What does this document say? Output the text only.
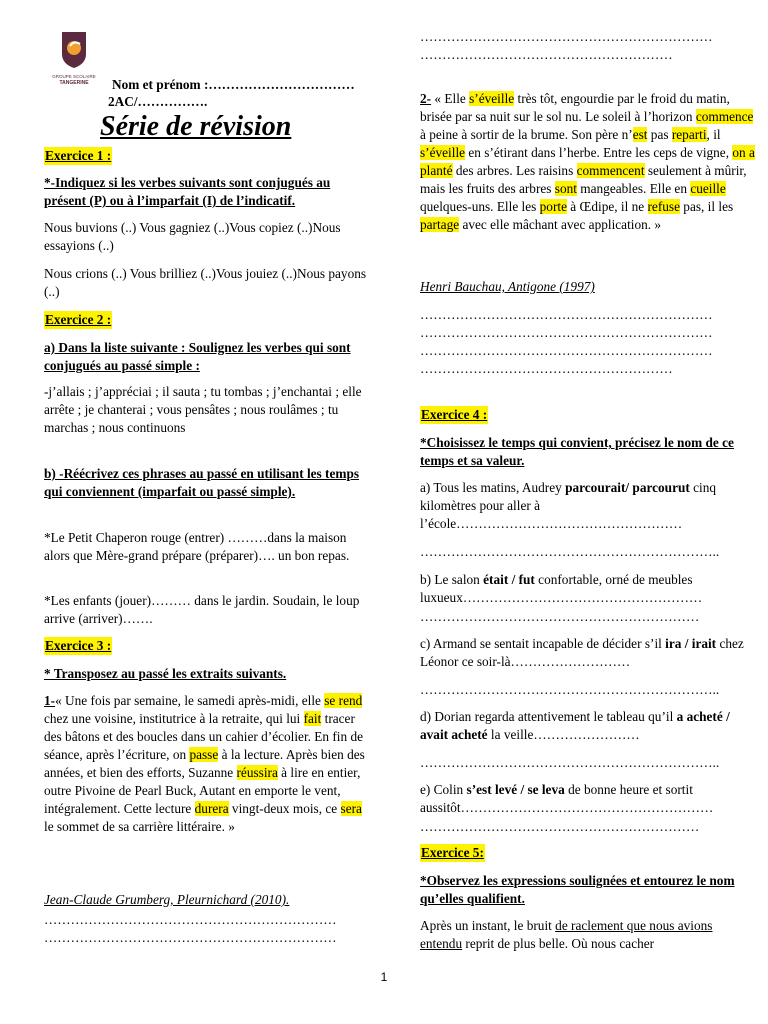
GROUPE SCOLAIRE
TANGERINE Nom et prénom :……………………………
2AC/…………….
Série de révision
Exercice 1 :
*-Indiquez si les verbes suivants sont conjugués au présent (P) ou à l’imparfait (I) de l’indicatif.
Nous buvions (..) Vous gagniez (..)Vous copiez (..)Nous essayions (..)
Nous crions (..) Vous brilliez (..)Vous jouiez (..)Nous payons (..)
Exercice 2 :
a) Dans la liste suivante : Soulignez les verbes qui sont conjugués au passé simple :
-j’allais ; j’appréciai ; il sauta ; tu tombas ; j’enchantai ; elle arrête ; je chanterai ; vous pensâtes ; nous roulâmes ; tu marchas ; nous continuons
b) -Réécrivez ces phrases au passé en utilisant les temps qui conviennent (imparfait ou passé simple).
*Le Petit Chaperon rouge (entrer) ………dans la maison alors que Mère-grand prépare (préparer)…. un bon repas.
*Les enfants (jouer)……… dans le jardin. Soudain, le loup arrive (arriver)…….
Exercice 3 :
* Transposez au passé les extraits suivants.
1-« Une fois par semaine, le samedi après-midi, elle se rend chez une voisine, institutrice à la retraite, qui lui fait tracer des bâtons et des boucles dans un cahier d’écolier. En fin de séance, après l’écriture, on passe à la lecture. Après bien des années, et bien des efforts, Suzanne réussira à lire en entier, outre Pivoine de Pearl Buck, Autant en emporte le vent, intégralement. Cette lecture durera vingt-deux mois, ce sera le sommet de sa carrière littéraire. »
Jean-Claude Grumberg, Pleurnichard (2010).
…………………………………………………………
…………………………………………………………
…………………………………………………………
…………………………………………………
2- « Elle s’éveille très tôt, engourdie par le froid du matin, brisée par sa nuit sur le sol nu. Le soleil à l’horizon commence à peine à sortir de la brume. Son père n’est pas reparti, il s’éveille en s’étirant dans l’herbe. Entre les ceps de vigne, on a planté des arbres. Les raisins commencent seulement à mûrir, mais les fruits des arbres sont mangeables. Elle en cueille quelques-uns. Elle les porte à Œdipe, il ne refuse pas, il les partage avec elle mâchant avec application. »
Henri Bauchau, Antigone (1997)
…………………………………………………………
…………………………………………………………
…………………………………………………………
…………………………………………………
Exercice 4 :
*Choisissez le temps qui convient, précisez le nom de ce temps et sa valeur.
a) Tous les matins, Audrey parcourait/ parcourut cinq kilomètres pour aller à l’école……………………………………………
…………………………………………………………..
b) Le salon était / fut confortable, orné de meubles luxueux………………………………………………
………………………………………………………
c) Armand se sentait incapable de décider s’il ira / irait chez Léonor ce soir-là………………………
…………………………………………………………..
d) Dorian regarda attentivement le tableau qu’il a acheté / avait acheté la veille……………………
…………………………………………………………..
e) Colin s’est levé / se leva de bonne heure et sortit aussitôt…………………………………………………
………………………………………………………
Exercice 5:
*Observez les expressions soulignées et entourez le nom qu’elles qualifient.
Après un instant, le bruit de raclement que nous avions entendu reprit de plus belle. Où nous cacher
1
